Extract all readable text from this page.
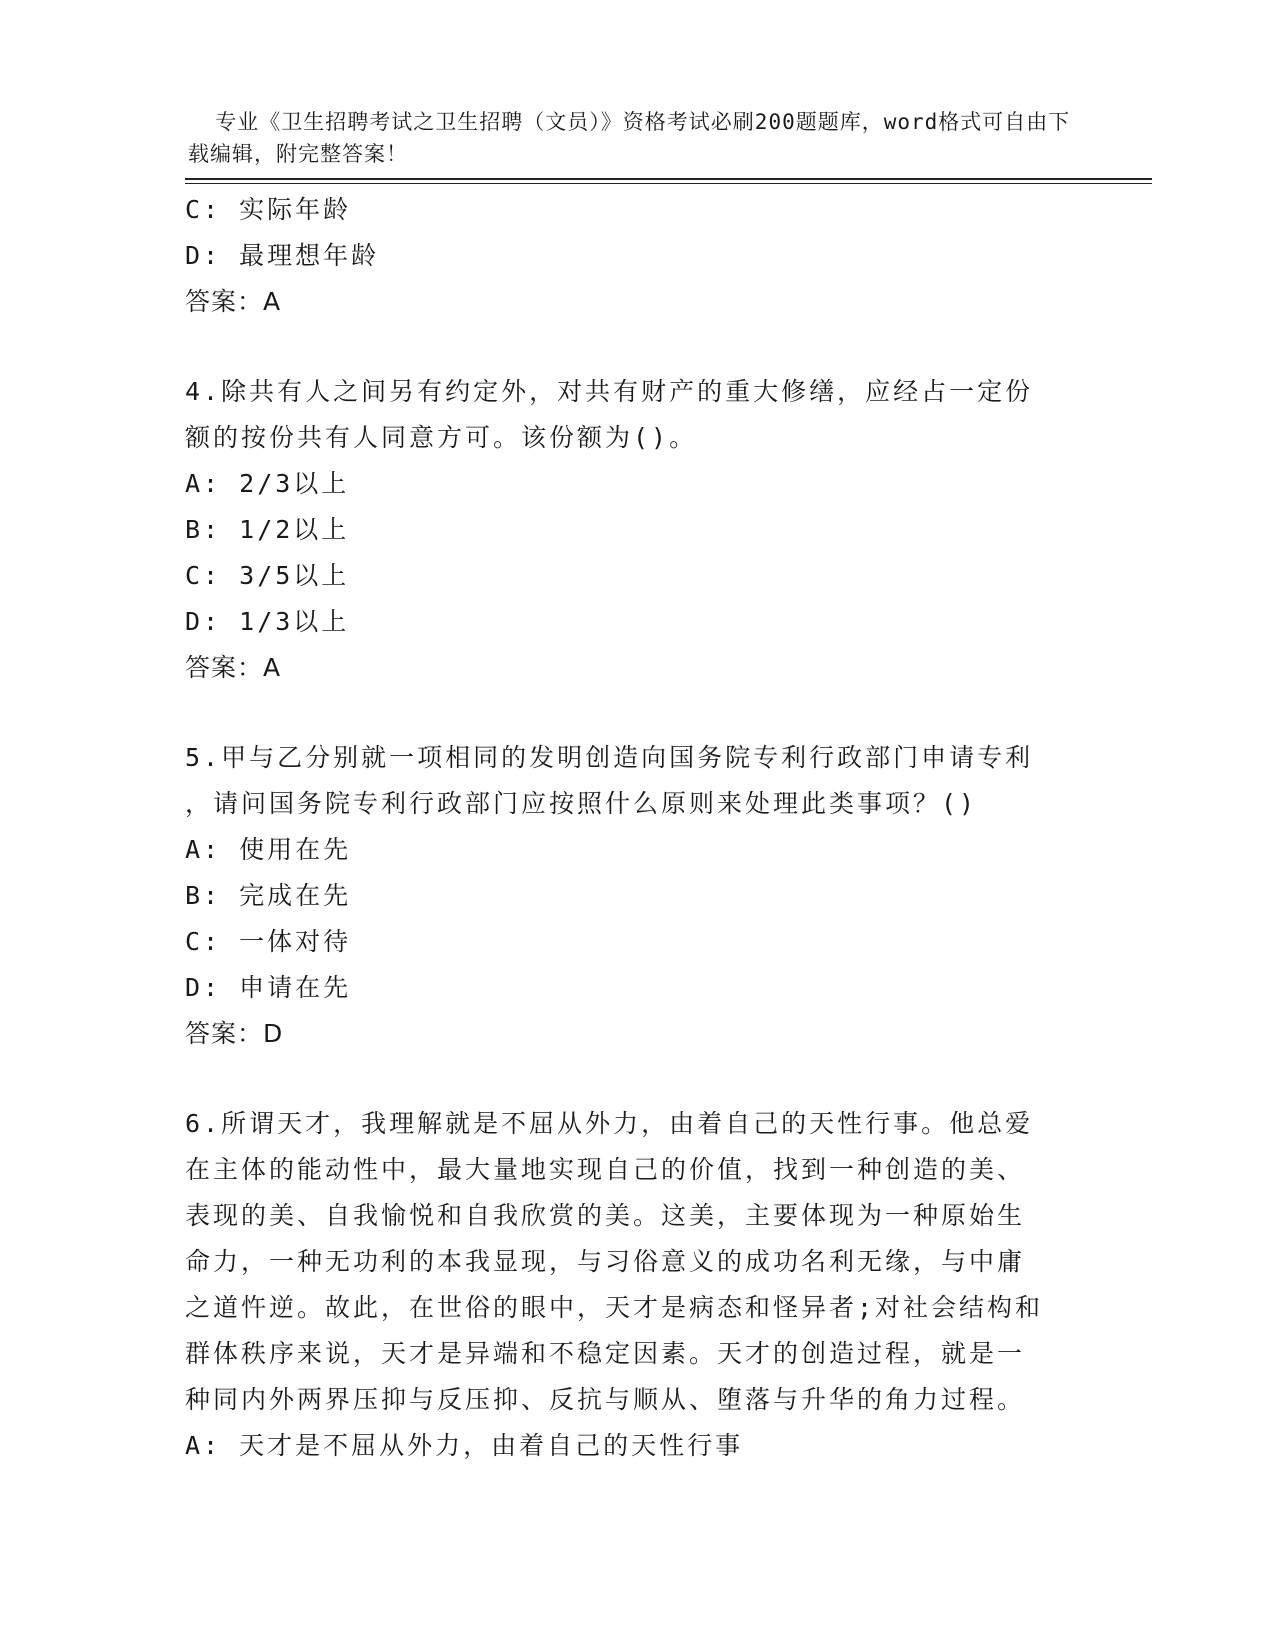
专业《卫生招聘考试之卫生招聘（文员）》资格考试必刷200题题库，word格式可自由下载编辑，附完整答案！

C: 实际年龄
D: 最理想年龄
答案：A
4.除共有人之间另有约定外，对共有财产的重大修缮，应经占一定份
额的按份共有人同意方可。该份额为()。
A: 2/3以上
B: 1/2以上
C: 3/5以上
D: 1/3以上
答案：A
5.甲与乙分别就一项相同的发明创造向国务院专利行政部门申请专利
，请问国务院专利行政部门应按照什么原则来处理此类事项？()
A: 使用在先
B: 完成在先
C: 一体对待
D: 申请在先
答案：D
6.所谓天才，我理解就是不屈从外力，由着自己的天性行事。他总爱
在主体的能动性中，最大量地实现自己的价值，找到一种创造的美、
表现的美、自我愉悦和自我欣赏的美。这美，主要体现为一种原始生
命力，一种无功利的本我显现，与习俗意义的成功名利无缘，与中庸
之道忤逆。故此，在世俗的眼中，天才是病态和怪异者;对社会结构和
群体秩序来说，天才是异端和不稳定因素。天才的创造过程，就是一
种同内外两界压抑与反压抑、反抗与顺从、堕落与升华的角力过程。
A: 天才是不屈从外力，由着自己的天性行事
